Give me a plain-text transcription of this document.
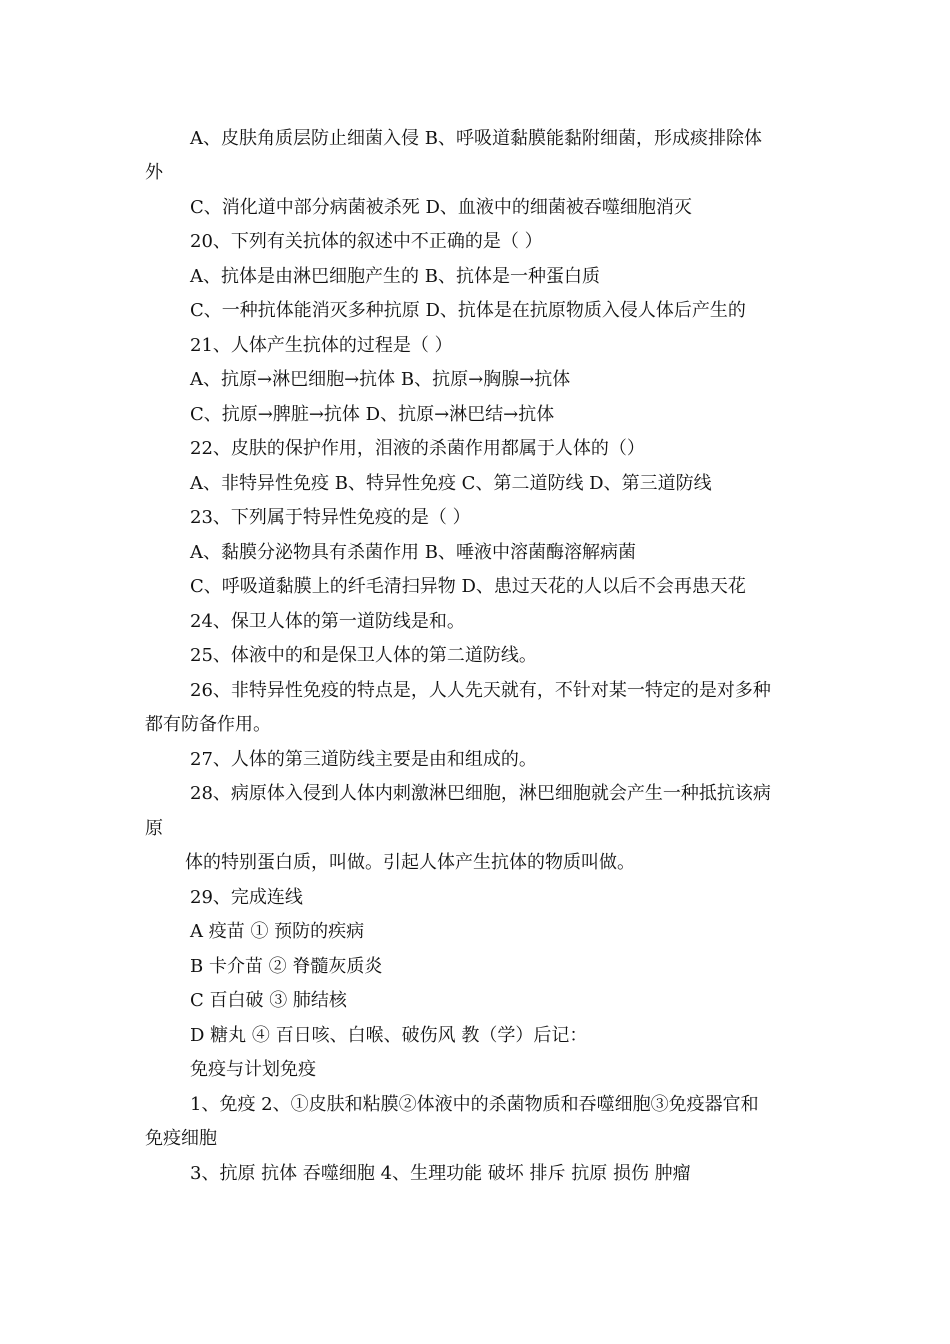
A、皮肤角质层防止细菌入侵 B、呼吸道黏膜能黏附细菌，形成痰排除体
外
C、消化道中部分病菌被杀死 D、血液中的细菌被吞噬细胞消灭
20、下列有关抗体的叙述中不正确的是（ ）
A、抗体是由淋巴细胞产生的 B、抗体是一种蛋白质
C、一种抗体能消灭多种抗原 D、抗体是在抗原物质入侵人体后产生的
21、人体产生抗体的过程是（ ）
A、抗原→淋巴细胞→抗体 B、抗原→胸腺→抗体
C、抗原→脾脏→抗体 D、抗原→淋巴结→抗体
22、皮肤的保护作用，泪液的杀菌作用都属于人体的（）
A、非特异性免疫 B、特异性免疫 C、第二道防线 D、第三道防线
23、下列属于特异性免疫的是（ ）
A、黏膜分泌物具有杀菌作用 B、唾液中溶菌酶溶解病菌
C、呼吸道黏膜上的纤毛清扫异物 D、患过天花的人以后不会再患天花
24、保卫人体的第一道防线是和。
25、体液中的和是保卫人体的第二道防线。
26、非特异性免疫的特点是，人人先天就有，不针对某一特定的是对多种
都有防备作用。
27、人体的第三道防线主要是由和组成的。
28、病原体入侵到人体内刺激淋巴细胞，淋巴细胞就会产生一种抵抗该病
原
体的特别蛋白质，叫做。引起人体产生抗体的物质叫做。
29、完成连线
A 疫苗 ① 预防的疾病
B 卡介苗 ② 脊髓灰质炎
C 百白破 ③ 肺结核
D 糖丸 ④ 百日咳、白喉、破伤风 教（学）后记：
免疫与计划免疫
1、免疫 2、①皮肤和粘膜②体液中的杀菌物质和吞噬细胞③免疫器官和
免疫细胞
3、抗原 抗体 吞噬细胞 4、生理功能 破坏 排斥 抗原 损伤 肿瘤
